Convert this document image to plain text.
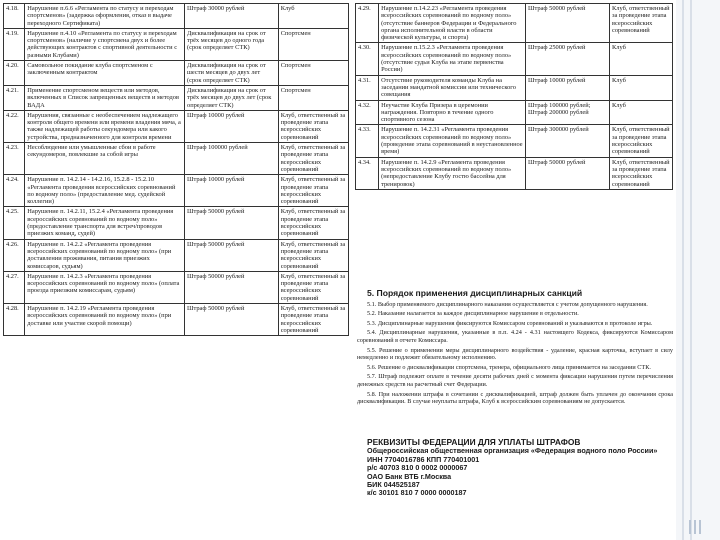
4.18.	Нарушение п.6.6 «Регламента по статусу и переходам спортсменов» (задержка оформления, отказ в выдаче переходного Сертификата)	Штраф 30000 рублей	Клуб
4.19.	Нарушение п.4.10 «Регламента по статусу и переходам спортсменов» (наличие у спортсмена двух и более действующих контрактов с спортивной деятельности с разными Клубами)	Дисквалификация на срок от трёх месяцев до одного года (срок определяет СТК)	Спортсмен
4.20.	Самовольное покидание клуба спортсменом с заключенным контрактом	Дисквалификация на срок от шести месяцев до двух лет (срок определяет СТК)	Спортсмен
4.21.	Применение спортсменом веществ или методов, включенных в Список запрещенных веществ и методов ВАДА	Дисквалификация на срок от трёх месяцев до двух лет (срок определяет СТК)	Спортсмен
4.22.	Нарушения, связанные с необеспечением надлежащего контроля общего времени или времени владения мяча, а также надлежащей работы секундомера или какого устройства, предназначенного для контроля времени	Штраф 10000 рублей	Клуб, ответственный за проведение этапа всероссийских соревнований
4.23.	Несоблюдение или умышленные сбои в работе секундомеров, повлекшие за собой игры	Штраф 100000 рублей	Клуб, ответственный за проведение этапа всероссийских соревнований
4.24.	Нарушение п. 14.2.14 - 14.2.16, 15.2.8 - 15.2.10 «Регламента проведения всероссийских соревнований по водному поло» (предоставление мед. судейской коллегии)	Штраф 10000 рублей	Клуб, ответственный за проведение этапа всероссийских соревнований
4.25.	Нарушение п. 14.2.11, 15.2.4 «Регламента проведения всероссийских соревнований по водному поло» (предоставление транспорта для встреч/проводов приезжих команд, судей)	Штраф 50000 рублей	Клуб, ответственный за проведение этапа всероссийских соревнований
4.26.	Нарушение п. 14.2.2 «Регламента проведения всероссийских соревнований по водному поло» (при доставлении проживания, питания приезжих комиссаров, судьям)	Штраф 50000 рублей	Клуб, ответственный за проведение этапа всероссийских соревнований
4.27.	Нарушение п. 14.2.3 «Регламента проведения всероссийских соревнований по водному поло» (оплата проезда приезжим комиссарам, судьям)	Штраф 50000 рублей	Клуб, ответственный за проведение этапа всероссийских соревнований
4.28.	Нарушение п. 14.2.19 «Регламента проведения всероссийских соревнований по водному поло» (при доставке или участие скорой помощи)	Штраф 50000 рублей	Клуб, ответственный за проведение этапа всероссийских соревнований
4.29.	Нарушение п.14.2.23 «Регламента проведения всероссийских соревнований по водному поло» (отсутствие баннеров Федерации и Федерального органа исполнительной власти в области физической культуры, и спорта)	Штраф 50000 рублей	Клуб, ответственный за проведение этапа всероссийских соревнований
4.30.	Нарушение п.15.2.3 «Регламента проведения всероссийских соревнований по водному поло» (отсутствие судьи Клуба на этапе первенства России)	Штраф 25000 рублей	Клуб
4.31.	Отсутствие руководителя команды Клуба на заседании мандатной комиссии или технического совещания	Штраф 10000 рублей	Клуб
4.32.	Неучастие Клуба Призера в церемонии награждения. Повторно в течение одного спортивного сезона	Штраф 100000 рублей; Штраф 200000 рублей	Клуб
4.33.	Нарушение п. 14.2.31 «Регламента проведения всероссийских соревнований по водному поло» (проведение этапа соревнований в неустановленное время)	Штраф 300000 рублей	Клуб, ответственный за проведение этапа всероссийских соревнований
4.34.	Нарушение п. 14.2.9 «Регламента проведения всероссийских соревнований по водному поло» (непредоставление Клубу гостю бассейна для тренировок)	Штраф 50000 рублей	Клуб, ответственный за проведение этапа всероссийских соревнований
5. Порядок применения дисциплинарных санкций

5.1. Выбор применяемого дисциплинарного наказания осуществляется с учетом допущенного нарушения.

5.2. Наказание налагается за каждое дисциплинарное нарушение в отдельности.

5.3. Дисциплинарные нарушения фиксируются Комиссаром соревнований и указываются в протоколе игры.

5.4. Дисциплинарные нарушения, указанные в п.п. 4.24 - 4.31 настоящего Кодекса, фиксируются Комиссаром соревнований в отчете Комиссара.

5.5. Решение о применении меры дисциплинарного воздействия - удаление, красная карточка, вступает в силу немедленно и подлежит обязательному исполнению.

5.6. Решение о дисквалификации спортсмена, тренера, официального лица принимается на заседании СТК.

5.7. Штраф подлежит оплате в течение десяти рабочих дней с момента фиксации нарушения путем перечисления денежных средств на расчетный счет Федерации.

5.8. При наложении штрафа в сочетании с дисквалификацией, штраф должен быть уплачен до окончания срока дисквалификации. В случае неуплаты штрафа, Клуб к всероссийским соревнованиям не допускается.

РЕКВИЗИТЫ ФЕДЕРАЦИИ ДЛЯ УПЛАТЫ ШТРАФОВ
Общероссийская общественная организация «Федерация водного поло России»
ИНН 7704016786 КПП 770401001
р/с 40703 810 0 0002 0000067
ОАО Банк ВТБ г.Москва
БИК 044525187
к/с 30101 810 7 0000 0000187
